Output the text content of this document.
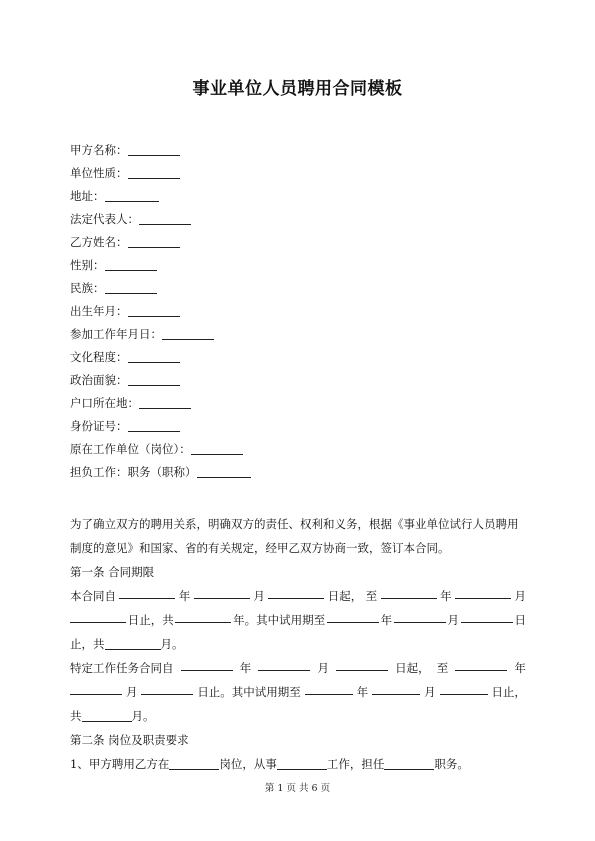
事业单位人员聘用合同模板
甲方名称：
单位性质：
地址：
法定代表人：
乙方姓名：
性别：
民族：
出生年月：
参加工作年月日：
文化程度：
政治面貌：
户口所在地：
身份证号：
原在工作单位（岗位）：
担负工作：职务（职称）
为了确立双方的聘用关系，明确双方的责任、权利和义务，根据《事业单位试行人员聘用制度的意见》和国家、省的有关规定，经甲乙双方协商一致，签订本合同。
第一条 合同期限
本合同自	年	月	日起， 至	年	月
日止，共	年。其中试用期至	年	月	日
止，共	月。
特定工作任务合同自	年	月	日起， 至	年
月	日止。其中试用期至	年	月	日止，
共	月。
第二条 岗位及职责要求
1、甲方聘用乙方在	岗位，从事	工作，担任	职务。
第 1 页 共 6 页
